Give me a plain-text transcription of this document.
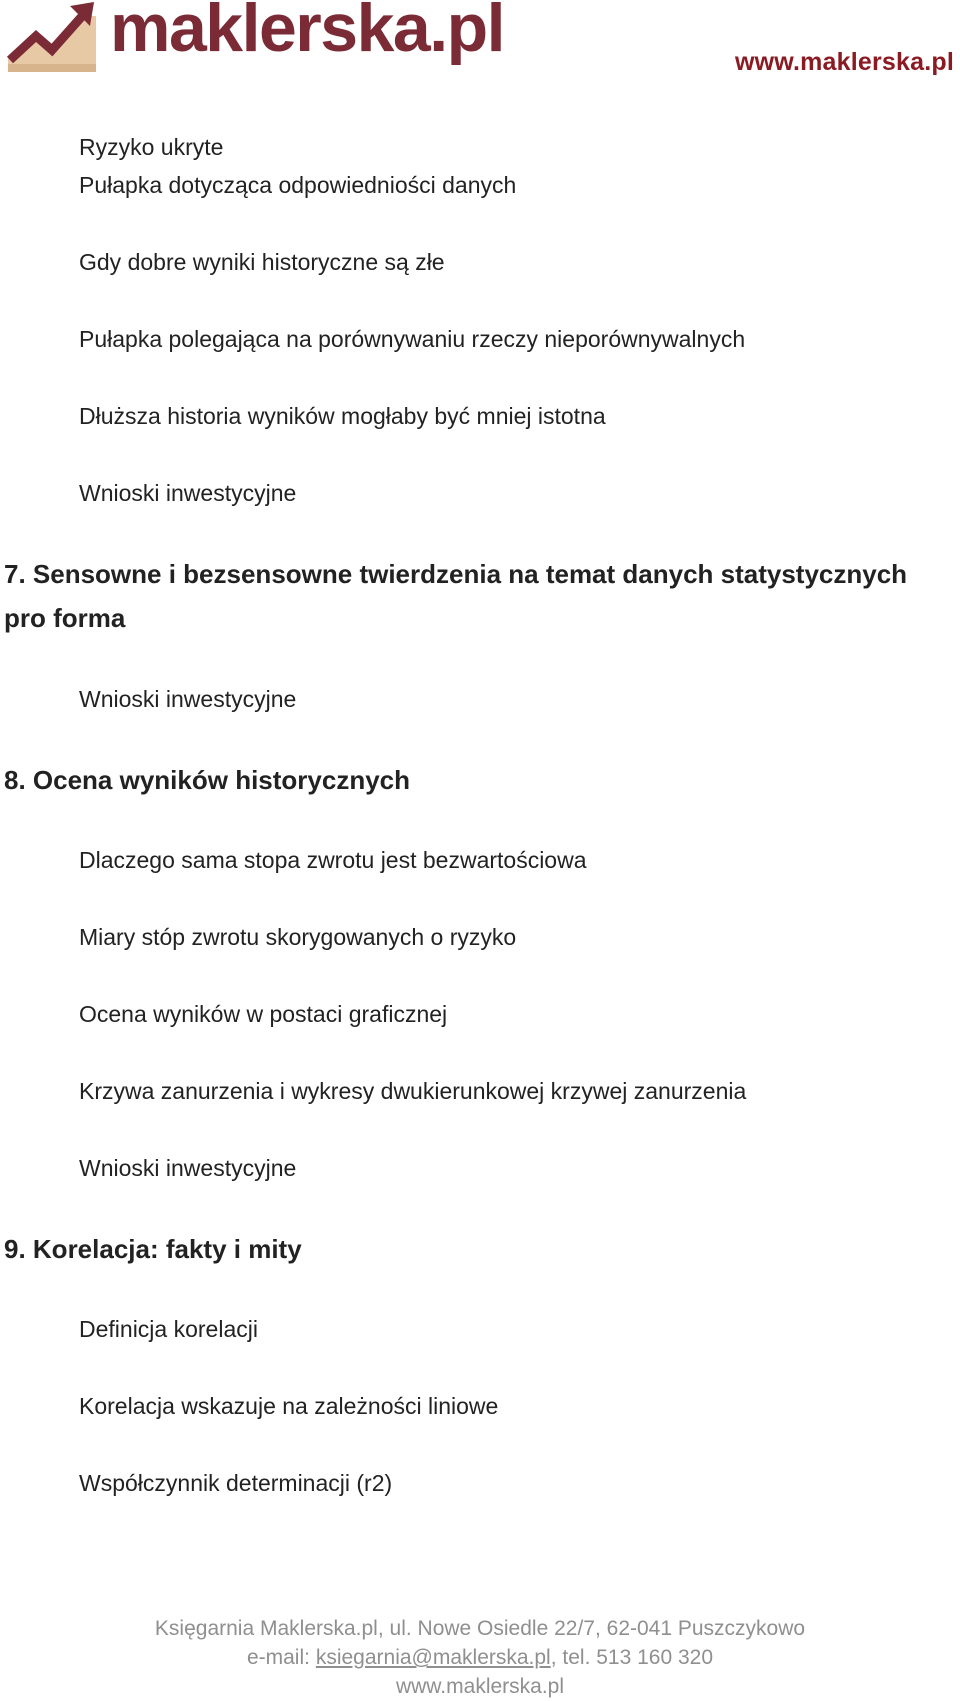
maklerska.pl	www.maklerska.pl
Ryzyko ukryte
Pułapka dotycząca odpowiedniości danych
Gdy dobre wyniki historyczne są złe
Pułapka polegająca na porównywaniu rzeczy nieporównywalnych
Dłuższa historia wyników mogłaby być mniej istotna
Wnioski inwestycyjne
7. Sensowne i bezsensowne twierdzenia na temat danych statystycznych pro forma
Wnioski inwestycyjne
8. Ocena wyników historycznych
Dlaczego sama stopa zwrotu jest bezwartościowa
Miary stóp zwrotu skorygowanych o ryzyko
Ocena wyników w postaci graficznej
Krzywa zanurzenia i wykresy dwukierunkowej krzywej zanurzenia
Wnioski inwestycyjne
9. Korelacja: fakty i mity
Definicja korelacji
Korelacja wskazuje na zależności liniowe
Współczynnik determinacji (r2)
Księgarnia Maklerska.pl, ul. Nowe Osiedle 22/7, 62-041 Puszczykowo
e-mail: ksiegarnia@maklerska.pl, tel. 513 160 320
www.maklerska.pl
